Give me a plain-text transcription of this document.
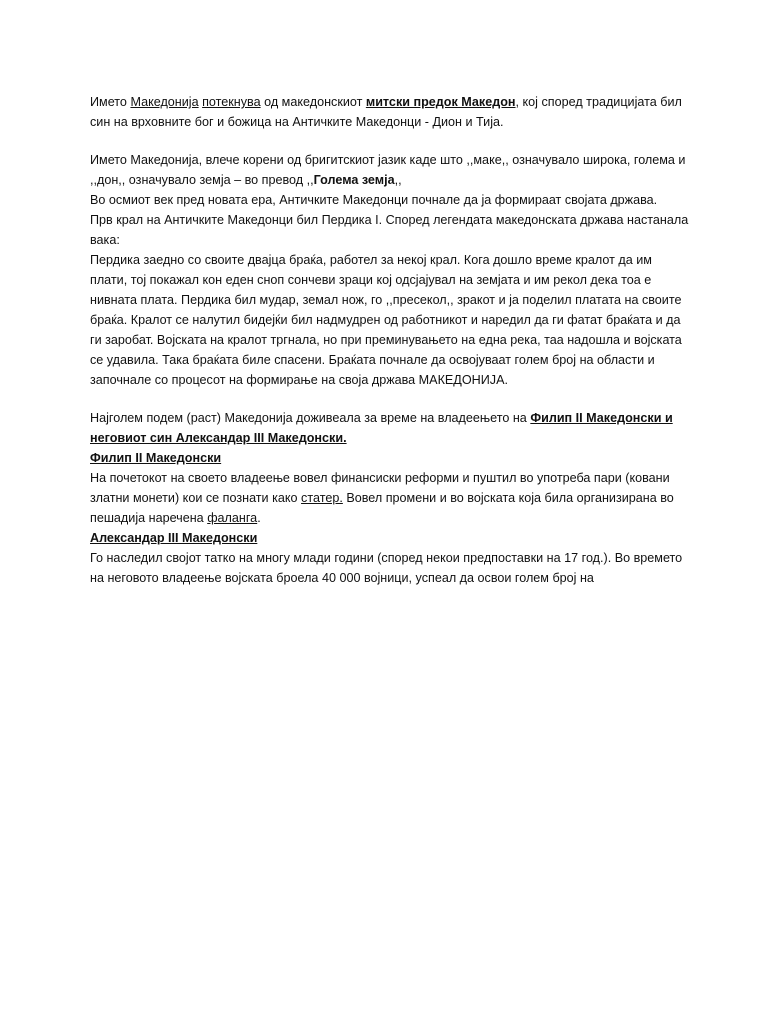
Името Македонија потекнува од македонскиот митски предок Македон, кој според традицијата бил син на врховните бог и божица на Античките Македонци - Дион и Тија.

Името Македонија, влече корени од бригитскиот јазик каде што ,,маке,, означувало широка, голема и ,,дон,, означувало земја – во превод ,,Голема земја,,

Во осмиот век пред новата ера, Античките Македонци почнале да ја формираат својата држава.

Прв крал на Античките Македонци бил Пердика I. Според легендата македонската држава настанала вака:

Пердика заедно со своите двајца браќа, работел за некој крал. Кога дошло време кралот да им плати, тој покажал кон еден сноп сончеви зраци кој одсјајувал на земјата и им рекол дека тоа е нивната плата. Пердика бил мудар, земал нож, го ,,пресекол,, зракот и ја поделил платата на своите браќа. Кралот се налутил бидејќи бил надмудрен од работникот и наредил да ги фатат браќата и да ги заробат. Војската на кралот тргнала, но при преминувањето на една река, таа надошла и војската се удавила. Така браќата биле спасени. Браќата почнале да освојуваат голем број на области и започнале со процесот на формирање на своја држава МАКЕДОНИЈА.

Најголем подем (раст) Македонија доживеала за време на владеењето на Филип II Македонски и неговиот син Александар III Македонски.

Филип II Македонски

На почетокот на своето владеење вовел финансиски реформи и пуштил во употреба пари (ковани златни монети) кои се познати како статер. Вовел промени и во војската која била организирана во пешадија наречена фаланга.

Александар III Македонски

Го наследил својот татко на многу млади години (според некои предпоставки на 17 год.). Во времето на неговото владеење војската броела 40 000 војници, успеал да освои голем број на
